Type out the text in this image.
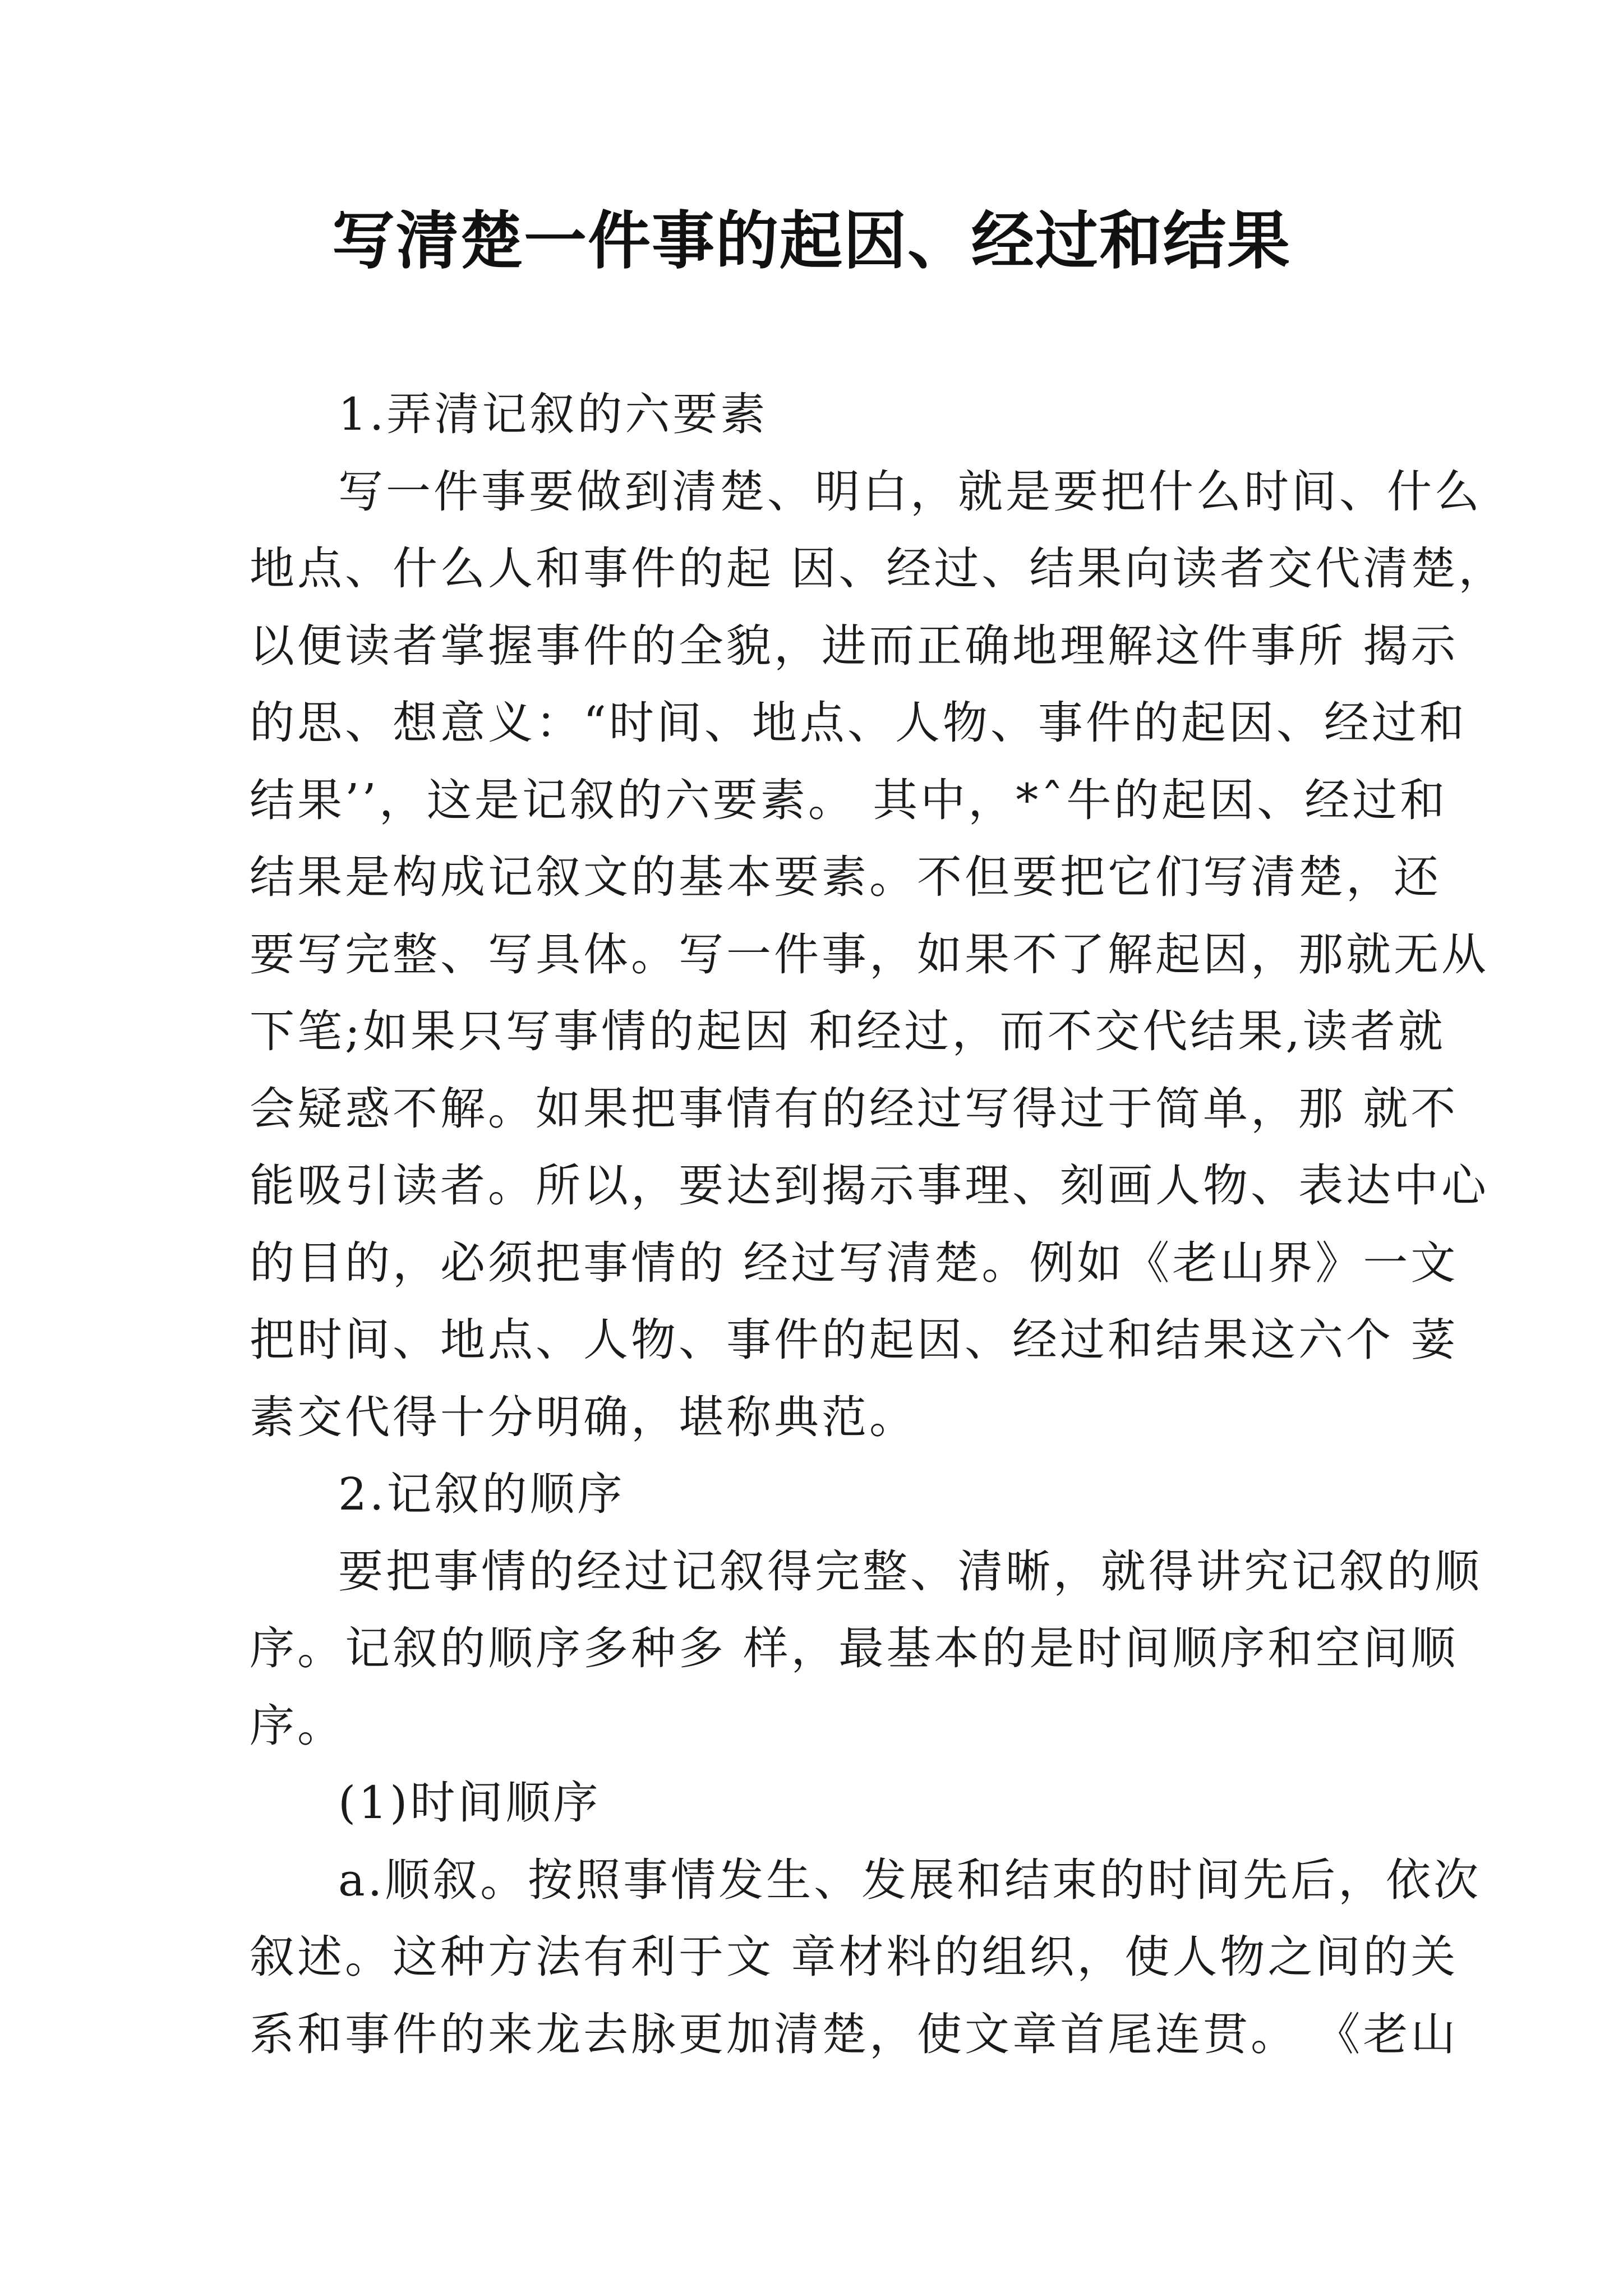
写清楚一件事的起因、经过和结果
1.弄清记叙的六要素
写一件事要做到清楚、明白，就是要把什么时间、什么
地点、什么人和事件的起 因、经过、结果向读者交代清楚，
以便读者掌握事件的全貌，进而正确地理解这件事所 揭示
的思、想意义：“时间、地点、人物、事件的起因、经过和
结果’’，这是记叙的六要素。 其中，*ˆ牛的起因、经过和
结果是构成记叙文的基本要素。不但要把它们写清楚，还
要写完整、写具体。写一件事，如果不了解起因，那就无从
下笔;如果只写事情的起因 和经过，而不交代结果,读者就
会疑惑不解。如果把事情有的经过写得过于简单，那 就不
能吸引读者。所以，要达到揭示事理、刻画人物、表达中心
的目的，必须把事情的 经过写清楚。例如《老山界》一文
把时间、地点、人物、事件的起因、经过和结果这六个 荽
素交代得十分明确，堪称典范。
2.记叙的顺序
要把事情的经过记叙得完整、清晰，就得讲究记叙的顺
序。记叙的顺序多种多 样，最基本的是时间顺序和空间顺
序。
(1)时间顺序
a.顺叙。按照事情发生、发展和结束的时间先后，依次
叙述。这种方法有利于文 章材料的组织，使人物之间的关
系和事件的来龙去脉更加清楚，使文章首尾连贯。 《老山
